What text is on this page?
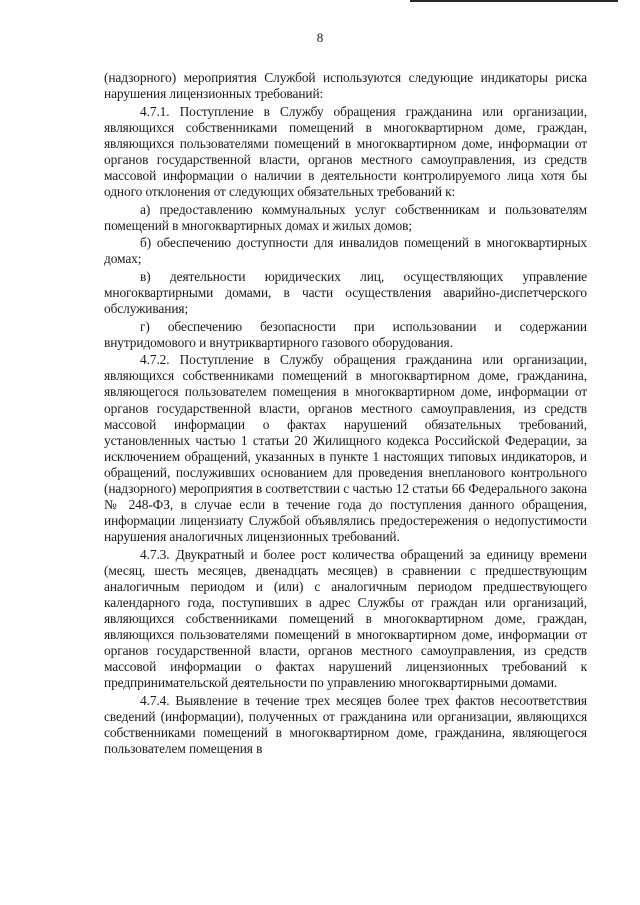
8

(надзорного) мероприятия Службой используются следующие индикаторы риска нарушения лицензионных требований:

4.7.1. Поступление в Службу обращения гражданина или организации, являющихся собственниками помещений в многоквартирном доме, граждан, являющихся пользователями помещений в многоквартирном доме, информации от органов государственной власти, органов местного самоуправления, из средств массовой информации о наличии в деятельности контролируемого лица хотя бы одного отклонения от следующих обязательных требований к:

а) предоставлению коммунальных услуг собственникам и пользователям помещений в многоквартирных домах и жилых домов;

б) обеспечению доступности для инвалидов помещений в многоквартирных домах;

в) деятельности юридических лиц, осуществляющих управление многоквартирными домами, в части осуществления аварийно-диспетчерского обслуживания;

г) обеспечению безопасности при использовании и содержании внутридомового и внутриквартирного газового оборудования.

4.7.2. Поступление в Службу обращения гражданина или организации, являющихся собственниками помещений в многоквартирном доме, гражданина, являющегося пользователем помещения в многоквартирном доме, информации от органов государственной власти, органов местного самоуправления, из средств массовой информации о фактах нарушений обязательных требований, установленных частью 1 статьи 20 Жилищного кодекса Российской Федерации, за исключением обращений, указанных в пункте 1 настоящих типовых индикаторов, и обращений, послуживших основанием для проведения внепланового контрольного (надзорного) мероприятия в соответствии с частью 12 статьи 66 Федерального закона № 248-ФЗ, в случае если в течение года до поступления данного обращения, информации лицензиату Службой объявлялись предостережения о недопустимости нарушения аналогичных лицензионных требований.

4.7.3. Двукратный и более рост количества обращений за единицу времени (месяц, шесть месяцев, двенадцать месяцев) в сравнении с предшествующим аналогичным периодом и (или) с аналогичным периодом предшествующего календарного года, поступивших в адрес Службы от граждан или организаций, являющихся собственниками помещений в многоквартирном доме, граждан, являющихся пользователями помещений в многоквартирном доме, информации от органов государственной власти, органов местного самоуправления, из средств массовой информации о фактах нарушений лицензионных требований к предпринимательской деятельности по управлению многоквартирными домами.

4.7.4. Выявление в течение трех месяцев более трех фактов несоответствия сведений (информации), полученных от гражданина или организации, являющихся собственниками помещений в многоквартирном доме, гражданина, являющегося пользователем помещения в
